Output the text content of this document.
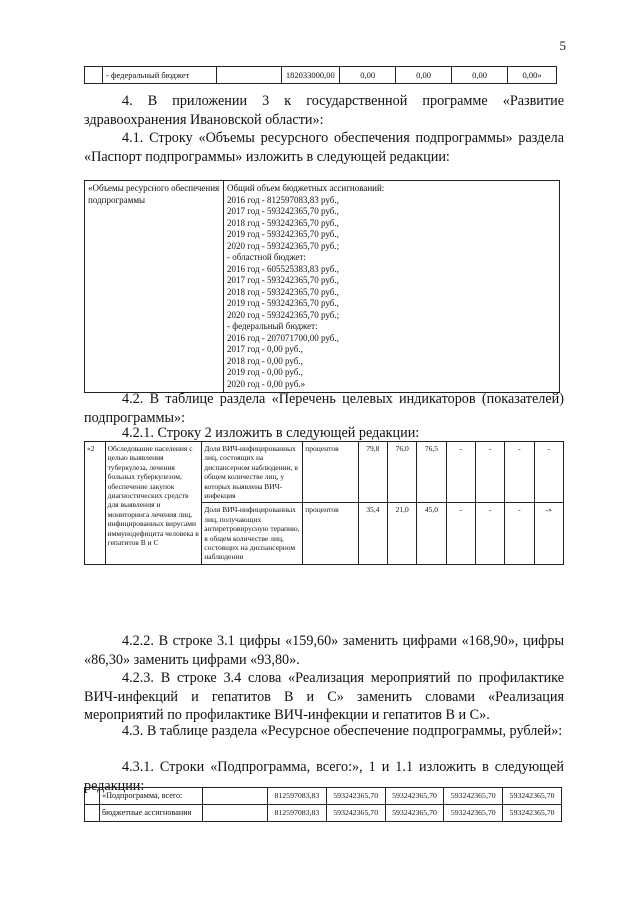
5
	- федеральный бюджет		182033000,00	0,00	0,00	0,00	0,00»
4. В приложении 3 к государственной программе «Развитие здравоохранения Ивановской области»:
4.1. Строку «Объемы ресурсного обеспечения подпрограммы» раздела «Паспорт подпрограммы» изложить в следующей редакции:
«Объемы ресурсного обеспечения подпрограммы	
Общий объем бюджетных ассигнований:
2016 год - 812597083,83 руб.,
2017 год - 593242365,70 руб.,
2018 год - 593242365,70 руб.,
2019 год - 593242365,70 руб.,
2020 год - 593242365,70 руб.;
- областной бюджет:
2016 год - 605525383,83 руб.,
2017 год - 593242365,70 руб.,
2018 год - 593242365,70 руб.,
2019 год - 593242365,70 руб.,
2020 год - 593242365,70 руб.;
- федеральный бюджет:
2016 год - 207071700,00 руб.,
2017 год - 0,00 руб.,
2018 год - 0,00 руб.,
2019 год - 0,00 руб.,
2020 год - 0,00 руб.»
4.2. В таблице раздела «Перечень целевых индикаторов (показателей) подпрограммы»:
4.2.1. Строку 2 изложить в следующей редакции:
«2	Обследование населения с целью выявления туберкулеза, лечения больных туберкулезом, обеспечение закупок диагностических средств для выявления и мониторинга лечения лиц, инфицированных вирусами иммунодефицита человека в гепатитов В и С	Доля ВИЧ-инфицированных лиц, состоящих на диспансерном наблюдении, в общем количестве лиц, у которых выявлена ВИЧ-инфекция	процентов	79,8	76,0	76,5	-	-	-	-
		Доля ВИЧ-инфицированных лиц, получающих антиретровирусную терапию, в общем количестве лиц, состоящих на диспансерном наблюдении	процентов	35,4	21,0	45,0	-	-	-	-»
4.2.2. В строке 3.1 цифры «159,60» заменить цифрами «168,90», цифры «86,30» заменить цифрами «93,80».
4.2.3. В строке 3.4 слова «Реализация мероприятий по профилактике ВИЧ-инфекций и гепатитов В и С» заменить словами «Реализация мероприятий по профилактике ВИЧ-инфекции и гепатитов В и С».
4.3. В таблице раздела «Ресурсное обеспечение подпрограммы, рублей»:
4.3.1. Строки «Подпрограмма, всего:», 1 и 1.1 изложить в следующей редакции:
	«Подпрограмма, всего:		812597083,83	593242365,70	593242365,70	593242365,70	593242365,70
	бюджетные ассигнования		812597083,83	593242365,70	593242365,70	593242365,70	593242365,70
